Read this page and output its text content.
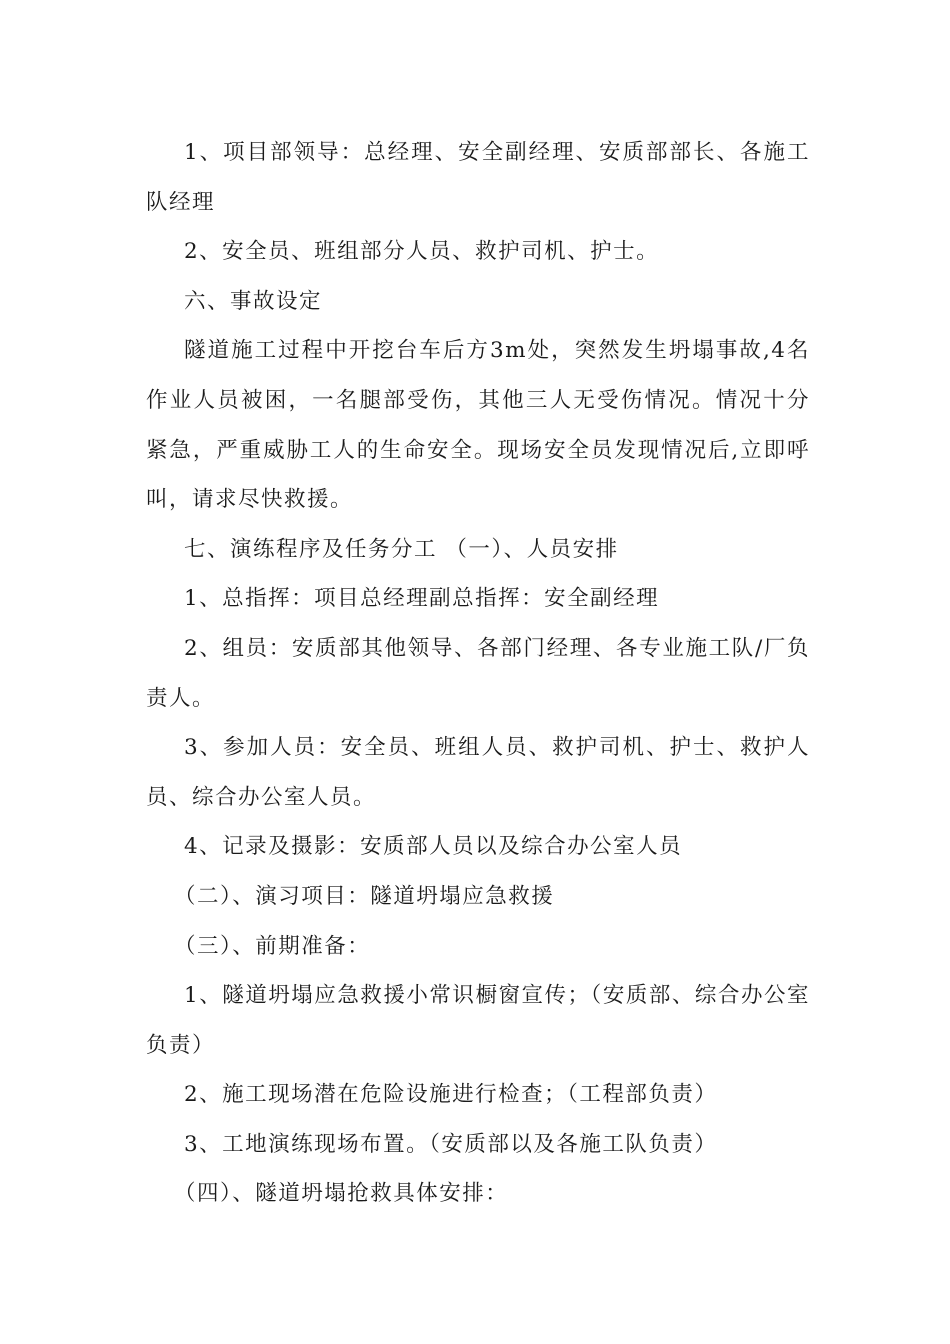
1、项目部领导：总经理、安全副经理、安质部部长、各施工队经理

2、安全员、班组部分人员、救护司机、护士。

六、事故设定

隧道施工过程中开挖台车后方3m处，突然发生坍塌事故,4名作业人员被困，一名腿部受伤，其他三人无受伤情况。情况十分紧急，严重威胁工人的生命安全。现场安全员发现情况后,立即呼叫，请求尽快救援。

七、演练程序及任务分工 （一）、人员安排

1、总指挥：项目总经理副总指挥：安全副经理

2、组员：安质部其他领导、各部门经理、各专业施工队/厂负责人。

3、参加人员：安全员、班组人员、救护司机、护士、救护人员、综合办公室人员。

4、记录及摄影：安质部人员以及综合办公室人员

（二）、演习项目：隧道坍塌应急救援

（三）、前期准备：

1、隧道坍塌应急救援小常识橱窗宣传；（安质部、综合办公室负责）

2、施工现场潜在危险设施进行检查；（工程部负责）

3、工地演练现场布置。（安质部以及各施工队负责）

（四）、隧道坍塌抢救具体安排：
